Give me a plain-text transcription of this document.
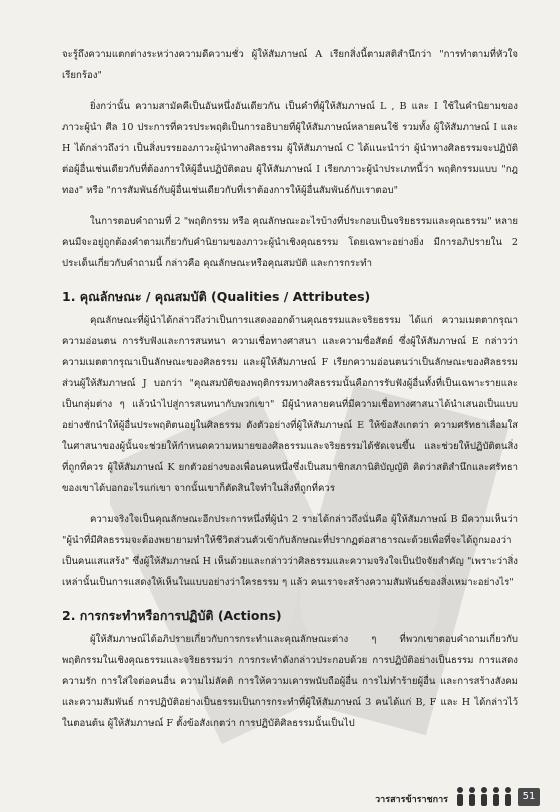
จะรู้ถึงความแตกต่างระหว่างความดีความชั่ว ผู้ให้สัมภาษณ์ A เรียกสิ่งนี้ตามสติสำนึกว่า "การทำตามที่หัวใจเรียกร้อง"

ยิ่งกว่านั้น ความสามัคคีเป็นอันหนึ่งอันเดียวกัน เป็นคำที่ผู้ให้สัมภาษณ์ L , B และ I ใช้ในคำนิยามของภาวะผู้นำ ศีล 10 ประการที่ควรประพฤติเป็นการอธิบายที่ผู้ให้สัมภาษณ์หลายคนใช้ รวมทั้ง ผู้ให้สัมภาษณ์ I และ H ได้กล่าวถึงว่า เป็นสิ่งบรรยองภาวะผู้นำทางศิลธรรม ผู้ให้สัมภาษณ์ C ได้แนะนำว่า ผู้นำทางศิลธรรมจะปฏิบัติต่อผู้อื่นเช่นเดียวกับที่ต้องการให้ผู้อื่นปฏิบัติตอบ ผู้ให้สัมภาษณ์ I เรียกภาวะผู้นำประเภทนี้ว่า พฤติกรรมแบบ "กฎทอง" หรือ "การสัมพันธ์กับผู้อื่นเช่นเดียวกับที่เราต้องการให้ผู้อื่นสัมพันธ์กับเราตอบ"

ในการตอบคำถามที่ 2 "พฤติกรรม หรือ คุณลักษณะอะไรบ้างที่ประกอบเป็นจริยธรรมและคุณธรรม" หลายคนมีจะอยู่ถูกต้องคำตามเกี่ยวกับคำนิยามของภาวะผู้นำเชิงคุณธรรม โดยเฉพาะอย่างยิ่ง มีการอภิปรายใน 2 ประเด็นเกี่ยวกับคำถามนี้ กล่าวคือ คุณลักษณะหรือคุณสมบัติ และการกระทำ

1. คุณลักษณะ / คุณสมบัติ (Qualities / Attributes)

คุณลักษณะที่ผู้นำได้กล่าวถึงว่าเป็นการแสดงออกด้านคุณธรรมและจริยธรรม ได้แก่ ความเมตตากรุณา ความอ่อนตน การรับฟังและการสนทนา ความเชื่อทางศาสนา และความซื่อสัตย์ ซึ่งผู้ให้สัมภาษณ์ E กล่าวว่า ความเมตตากรุณาเป็นลักษณะของศิลธรรม และผู้ให้สัมภาษณ์ F เรียกความอ่อนตนว่าเป็นลักษณะของศิลธรรม ส่วนผู้ให้สัมภาษณ์ J บอกว่า "คุณสมบัติของพฤติกรรมทางศิลธรรมนั้นคือการรับฟังผู้อื่นทั้งที่เป็นเฉพาะรายและเป็นกลุ่มต่าง ๆ แล้วนำไปสู่การสนทนากับพวกเขา" มีผู้นำหลายคนที่มีความเชื่อทางศาสนาได้นำเสนอเป็นแบบอย่างชักนำให้ผู้อื่นประพฤติตนอยู่ในศิลธรรม ดังตัวอย่างที่ผู้ให้สัมภาษณ์ E ให้ข้อสังเกตว่า ความศรัทธาเลื่อมใสในศาสนาของผู้นั้นจะช่วยให้กำหนดความหมายของศิลธรรมและจริยธรรมได้ชัดเจนขึ้น และช่วยให้ปฏิบัติตนสิ่งที่ถูกที่ควร ผู้ให้สัมภาษณ์ K ยกตัวอย่างของเพื่อนคนหนึ่งซึ่งเป็นสมาชิกสภานิติบัญญัติ คิดว่าสติสำนึกและศรัทธาของเขาได้บอกอะไรแก่เขา จากนั้นเขาก็ตัดสินใจทำในสิ่งที่ถูกที่ควร

ความจริงใจเป็นคุณลักษณะอีกประการหนึ่งที่ผู้นำ 2 รายได้กล่าวถึงนั่นคือ ผู้ให้สัมภาษณ์ B มีความเห็นว่า "ผู้นำที่มีศิลธรรมจะต้องพยายามทำให้ชีวิตส่วนตัวเข้ากับลักษณะที่ปรากฏต่อสาธารณะด้วยเพื่อที่จะได้ถูกมองว่าเป็นคนแสแสร้ง" ซึ่งผู้ให้สัมภาษณ์ H เห็นด้วยและกล่าวว่าศิลธรรมและความจริงใจเป็นปัจจัยสำคัญ "เพราะว่าสิ่งเหล่านั้นเป็นการแสดงให้เห็นในแบบอย่างว่าใครธรรม ๆ แล้ว คนเราจะสร้างความสัมพันธ์ของสิ่งเหมาะอย่างไร"

2. การกระทำหรือการปฏิบัติ (Actions)

ผู้ให้สัมภาษณ์ได้อภิปรายเกี่ยวกับการกระทำและคุณลักษณะต่าง ๆ ที่พวกเขาตอบคำถามเกี่ยวกับพฤติกรรมในเชิงคุณธรรมและจริยธรรมว่า การกระทำดังกล่าวประกอบด้วย การปฏิบัติอย่างเป็นธรรม การแสดงความรัก การใส่ใจต่อคนอื่น ความไม่ลัคติ การให้ความเคารพนับถือผู้อื่น การไม่ทำร้ายผู้อื่น และการสร้างสังคมและความสัมพันธ์ การปฏิบัติอย่างเป็นธรรมเป็นการกระทำที่ผู้ให้สัมภาษณ์ 3 คนได้แก่ B, F และ H ได้กล่าวไว้ในตอนต้น ผู้ให้สัมภาษณ์ F ตั้งข้อสังเกตว่า การปฏิบัติศิลธรรมนั้นเป็นไป

วารสารข้าราชการ	51
